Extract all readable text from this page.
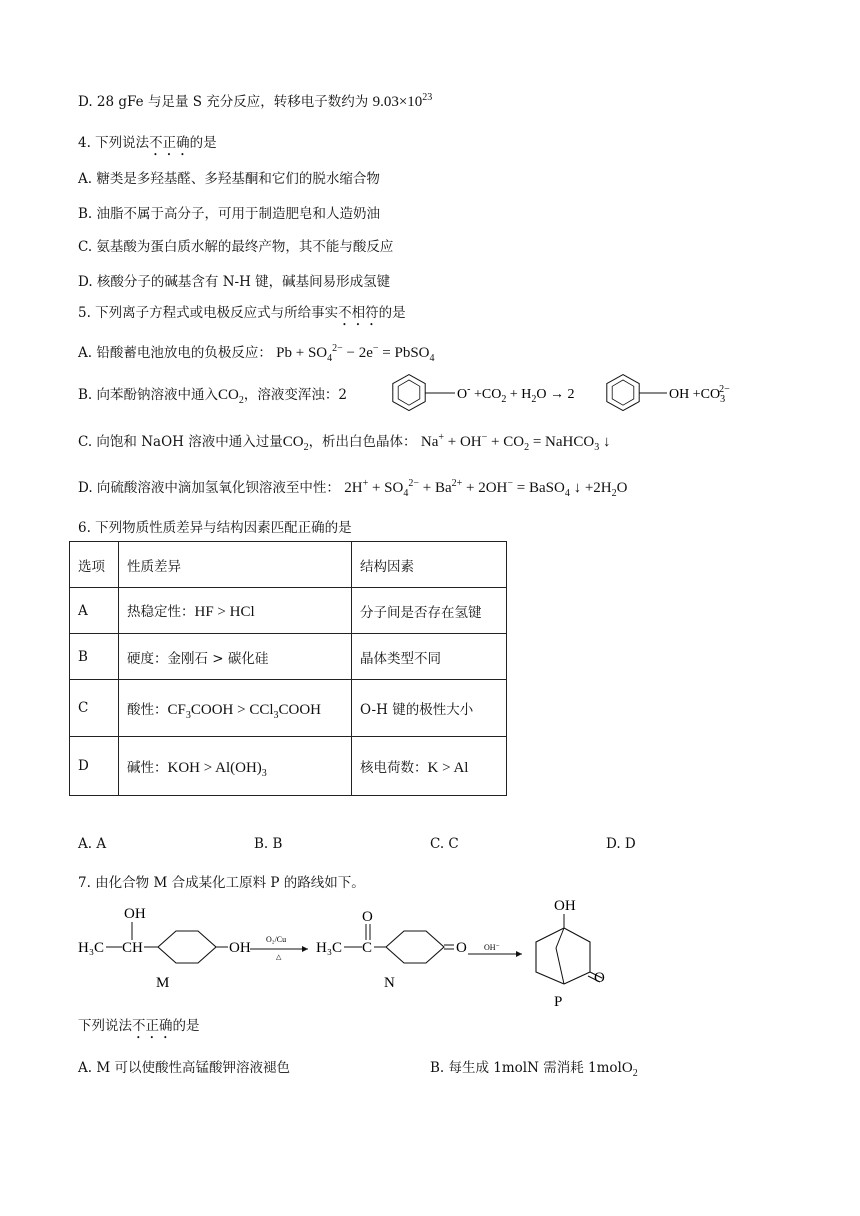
D. 28 gFe 与足量 S 充分反应，转移电子数约为 $9.03\times 10^{23}$
4. 下列说法不正确的是
A. 糖类是多羟基醛、多羟基酮和它们的脱水缩合物
B. 油脂不属于高分子，可用于制造肥皂和人造奶油
C. 氨基酸为蛋白质水解的最终产物，其不能与酸反应
D. 核酸分子的碱基含有 N-H 键，碱基间易形成氢键
5. 下列离子方程式或电极反应式与所给事实不相符的是
A. 铅酸蓄电池放电的负极反应： $Pb + SO_4^{2-} - 2e^-$ = PbSO$_4$
B. 向苯酚钠溶液中通入$CO_2$，溶液变浑浊：2	$O^- +CO_2 + H_2O \to 2$	OH $+CO_32-$
C. 向饱和 NaOH 溶液中通入过量$CO_2$，析出白色晶体： $Na^+ + OH^- + CO_2$ = NaHCO$_3$ ↓
D. 向硫酸溶液中滴加氢氧化钡溶液至中性： $2H^+ + SO_4^{2-} + Ba^{2+} + 2OH^-$ = BaSO$_4$ ↓ $+2H_2O$
6. 下列物质性质差异与结构因素匹配正确的是
选项	性质差异	结构因素
A	热稳定性：HF > HCl	分子间是否存在氢键
B	硬度：金刚石 > 碳化硅	晶体类型不同
C	酸性：$CF_3COOH$ > CCl$_3$COOH	O-H 键的极性大小
D	碱性：KOH > $Al(OH)_3$	核电荷数：K > Al
A. A	B. B	C. C	D. D
7. 由化合物 M 合成某化工原料 P 的路线如下。
OH
H₃C CH	OH
M
O₂/Cu
△
H₃C
O
C	O
N
OH⁻
OH
O
P
下列说法不正确的是
A. M 可以使酸性高锰酸钾溶液褪色	B. 每生成 1molN 需消耗 1molO$_2$
